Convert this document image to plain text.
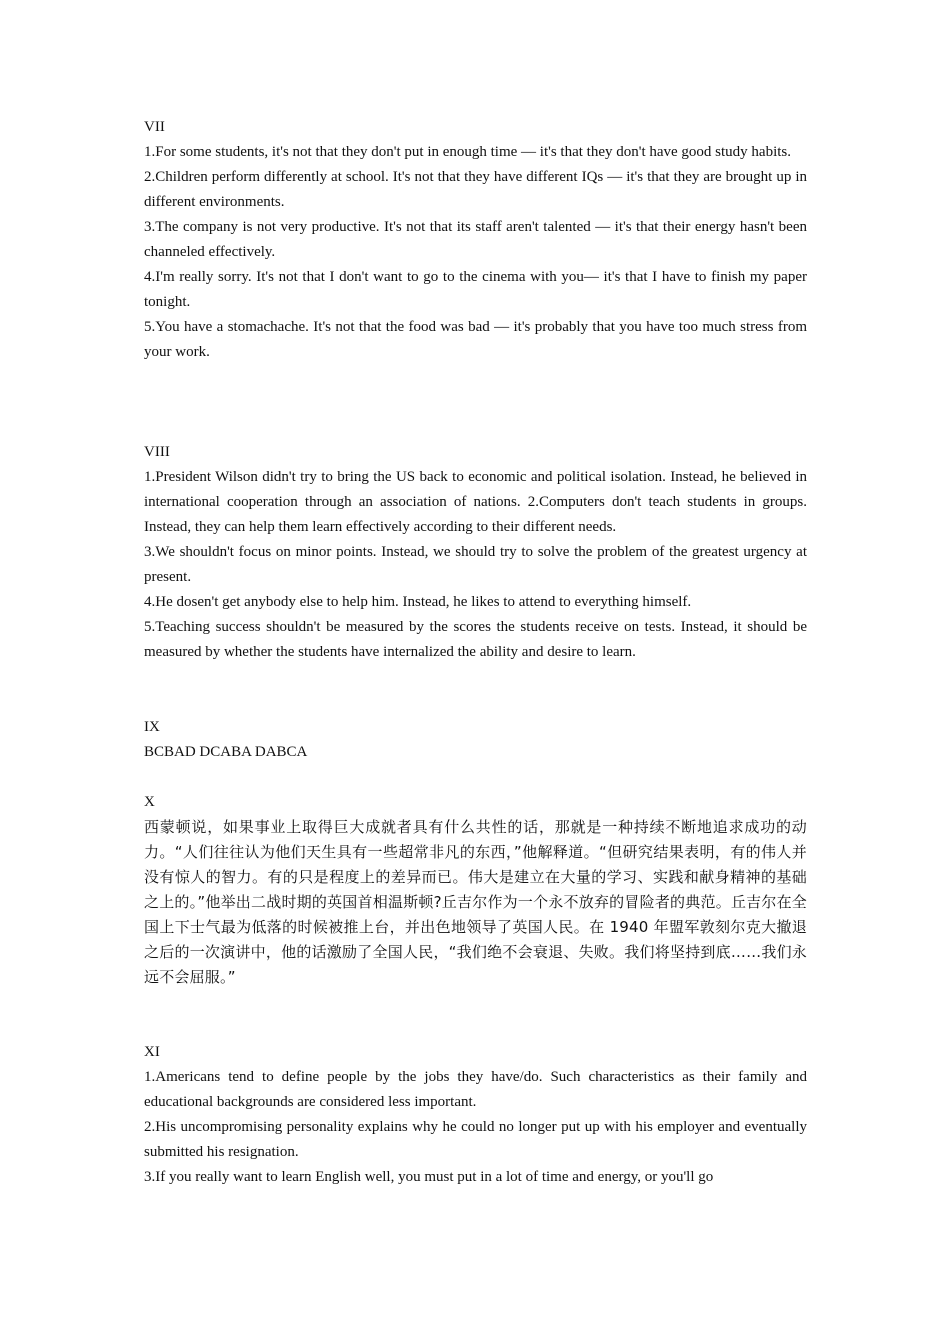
VII

1.For some students, it's not that they don't put in enough time — it's that they don't have good study habits.

2.Children perform differently at school. It's not that they have different IQs — it's that they are brought up in different environments.

3.The company is not very productive. It's not that its staff aren't talented — it's that their energy hasn't been channeled effectively.

4.I'm really sorry. It's not that I don't want to go to the cinema with you— it's that I have to finish my paper tonight.

5.You have a stomachache. It's not that the food was bad — it's probably that you have too much stress from your work.

VIII

1.President Wilson didn't try to bring the US back to economic and political isolation. Instead, he believed in international cooperation through an association of nations. 2.Computers don't teach students in groups. Instead, they can help them learn effectively according to their different needs.

3.We shouldn't focus on minor points. Instead, we should try to solve the problem of the greatest urgency at present.

4.He dosen't get anybody else to help him. Instead, he likes to attend to everything himself.

5.Teaching success shouldn't be measured by the scores the students receive on tests. Instead, it should be measured by whether the students have internalized the ability and desire to learn.

IX

BCBAD DCABA DABCA

X

西蒙顿说，如果事业上取得巨大成就者具有什么共性的话，那就是一种持续不断地追求成功的动力。“人们往往认为他们天生具有一些超常非凡的东西，”他解释道。“但研究结果表明，有的伟人并没有惊人的智力。有的只是程度上的差异而已。伟大是建立在大量的学习、实践和献身精神的基础之上的。”他举出二战时期的英国首相温斯顿?丘吉尔作为一个永不放弃的冒险者的典范。丘吉尔在全国上下士气最为低落的时候被推上台，并出色地领导了英国人民。在 1940 年盟军敦刻尔克大撤退之后的一次演讲中，他的话激励了全国人民，“我们绝不会衰退、失败。我们将坚持到底……我们永远不会屈服。”

XI

1.Americans tend to define people by the jobs they have/do. Such characteristics as their family and educational backgrounds are considered less important.

2.His uncompromising personality explains why he could no longer put up with his employer and eventually submitted his resignation.

3.If you really want to learn English well, you must put in a lot of time and energy, or you'll go
